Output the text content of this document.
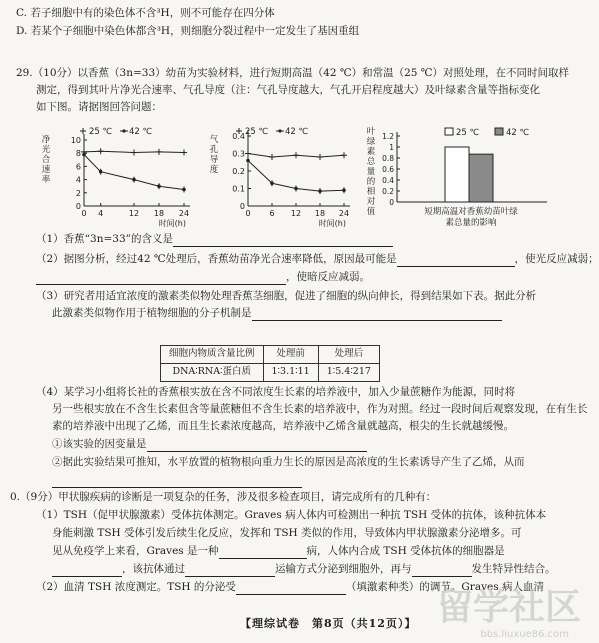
C. 若子细胞中有的染色体不含³H，则不可能存在四分体
D. 若某个子细胞中染色体都含³H，则细胞分裂过程中一定发生了基因重组
29.（10分）以香蕉（3n=33）幼苗为实验材料，进行短期高温（42 ℃）和常温（25 ℃）对照处理，在不同时间取样
测定，得到其叶片净光合速率、气孔导度（注：气孔导度越大，气孔开启程度越大）及叶绿素含量等指标变化
如下图。请据图回答问题：
0
2
4
6
8
10
0 4	12 18 24
时间(h)
净
光
合
速
率
25 ℃ 42 ℃
0
0.1
0.2
0.3
0.4
0 6 12 18 24
时间(h)
气
孔
导
度
25 ℃ 42 ℃
0
0.2
0.4
0.6
0.8
1
1.2
叶
绿
素
总
量
的
相
对
值
25 ℃	42 ℃
短期高温对香蕉幼苗叶绿
素总量的影响
（1）香蕉“3n=33”的含义是
（2）据图分析，经过42 ℃处理后，香蕉幼苗净光合速率降低，原因最可能是	，使光反应减弱；
，使暗反应减弱。
（3）研究者用适宜浓度的激素类似物处理香蕉茎细胞，促进了细胞的纵向伸长，得到结果如下表。据此分析
此激素类似物作用于植物细胞的分子机制是
细胞内物质含量比例	处理前	处理后
DNA∶RNA∶蛋白质	1∶3.1∶11	1∶5.4∶217
（4）某学习小组将长社的香蕉根实放在含不同浓度生长素的培养液中，加入少量蔗糖作为能源，同时将
另一些根实放在不含生长素但含等量蔗糖但不含生长素的培养液中，作为对照。经过一段时间后观察发现，在有生长
素的培养液中出现了乙烯，而且生长素浓度越高，培养液中乙烯含量就越高，根尖的生长就越缓慢。
①该实验的因变量是
②据此实验结果可推知，水平放置的植物根向重力生长的原因是高浓度的生长素诱导产生了乙烯，从而

0.（9分）甲状腺疾病的诊断是一项复杂的任务，涉及很多检查项目，请完成所有的几种有：
（1）TSH（促甲状腺激素）受体抗体测定。Graves 病人体内可检测出一种抗 TSH 受体的抗体，该种抗体本
身能刺激 TSH 受体引发后续生化反应，发挥和 TSH 类似的作用，导致体内甲状腺激素分泌增多。可
见从免疫学上来看，Graves 是一种	病，人体内合成 TSH 受体抗体的细胞器是
，该抗体通过	运输方式分泌到细胞外，再与	发生特异性结合。
（2）血清 TSH 浓度测定。TSH 的分泌受	（填激素种类）的调节。Graves 病人血清
【理综试卷　第8页（共12页）】 留学社区
bbs.liuxue86.com
